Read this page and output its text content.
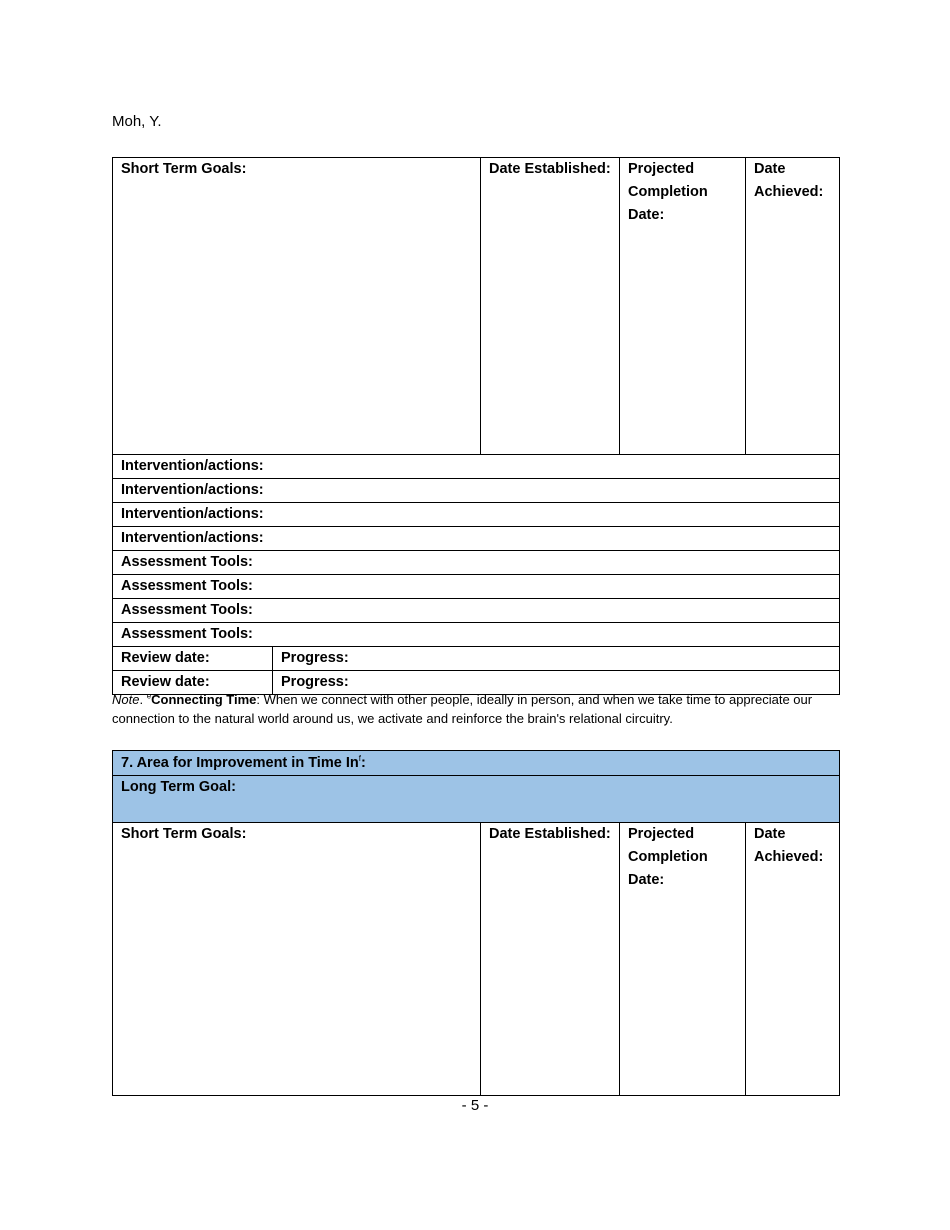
Moh, Y.
Short Term Goals:		Date Established:	Projected Completion Date:	Date Achieved:
Intervention/actions:				
Intervention/actions:				
Intervention/actions:				
Intervention/actions:				
Assessment Tools:				
Assessment Tools:				
Assessment Tools:				
Assessment Tools:				
Review date:	Progress:			
Review date:	Progress:			
Note. $^e$Connecting Time: When we connect with other people, ideally in person, and when we take time to appreciate our connection to the natural world around us, we activate and reinforce the brain's relational circuitry.
7. Area for Improvement in Time In$^f$:
Long Term Goal:
Short Term Goals:	Date Established:	Projected Completion Date:	Date Achieved:
- 5 -
